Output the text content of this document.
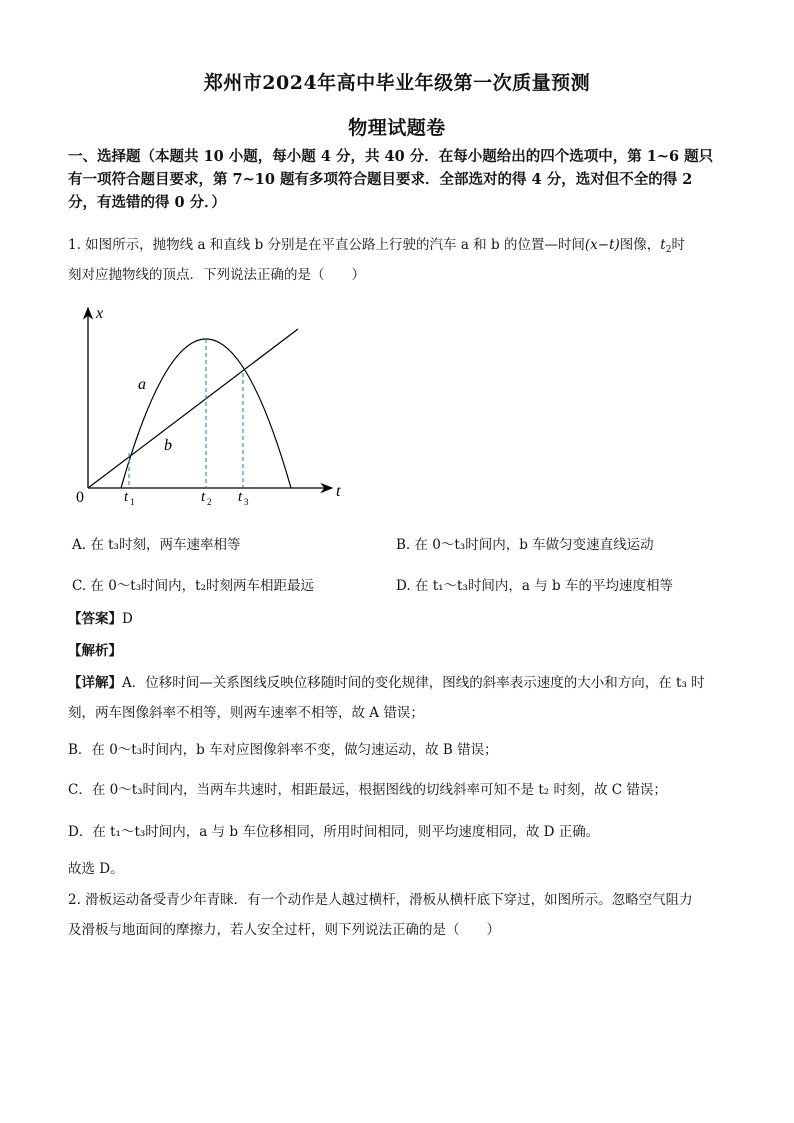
郑州市2024年高中毕业年级第一次质量预测
物理试题卷
一、选择题（本题共 10 小题，每小题 4 分，共 40 分．在每小题给出的四个选项中，第 1~6 题只有一项符合题目要求，第 7~10 题有多项符合题目要求．全部选对的得 4 分，选对但不全的得 2 分，有选错的得 0 分．）
1. 如图所示，抛物线 a 和直线 b 分别是在平直公路上行驶的汽车 a 和 b 的位置—时间(x−t)图像，$t_2$时
刻对应抛物线的顶点．下列说法正确的是（　　）
x
t
0
a
b
t 1	t 2 t 3
A. 在 t₃时刻，两车速率相等	B. 在 0～t₃时间内，b 车做匀变速直线运动
C. 在 0～t₃时间内，t₂时刻两车相距最远	D. 在 t₁～t₃时间内，a 与 b 车的平均速度相等
【答案】D
【解析】
【详解】A．位移时间—关系图线反映位移随时间的变化规律，图线的斜率表示速度的大小和方向，在 t₃ 时
刻，两车图像斜率不相等，则两车速率不相等，故 A 错误；
B．在 0～t₃时间内，b 车对应图像斜率不变，做匀速运动，故 B 错误；
C．在 0～t₃时间内，当两车共速时，相距最远，根据图线的切线斜率可知不是 t₂ 时刻，故 C 错误；
D．在 t₁～t₃时间内，a 与 b 车位移相同，所用时间相同，则平均速度相同，故 D 正确。
故选 D。
2. 滑板运动备受青少年青睐．有一个动作是人越过横杆，滑板从横杆底下穿过，如图所示。忽略空气阻力
及滑板与地面间的摩擦力，若人安全过杆，则下列说法正确的是（　　）
